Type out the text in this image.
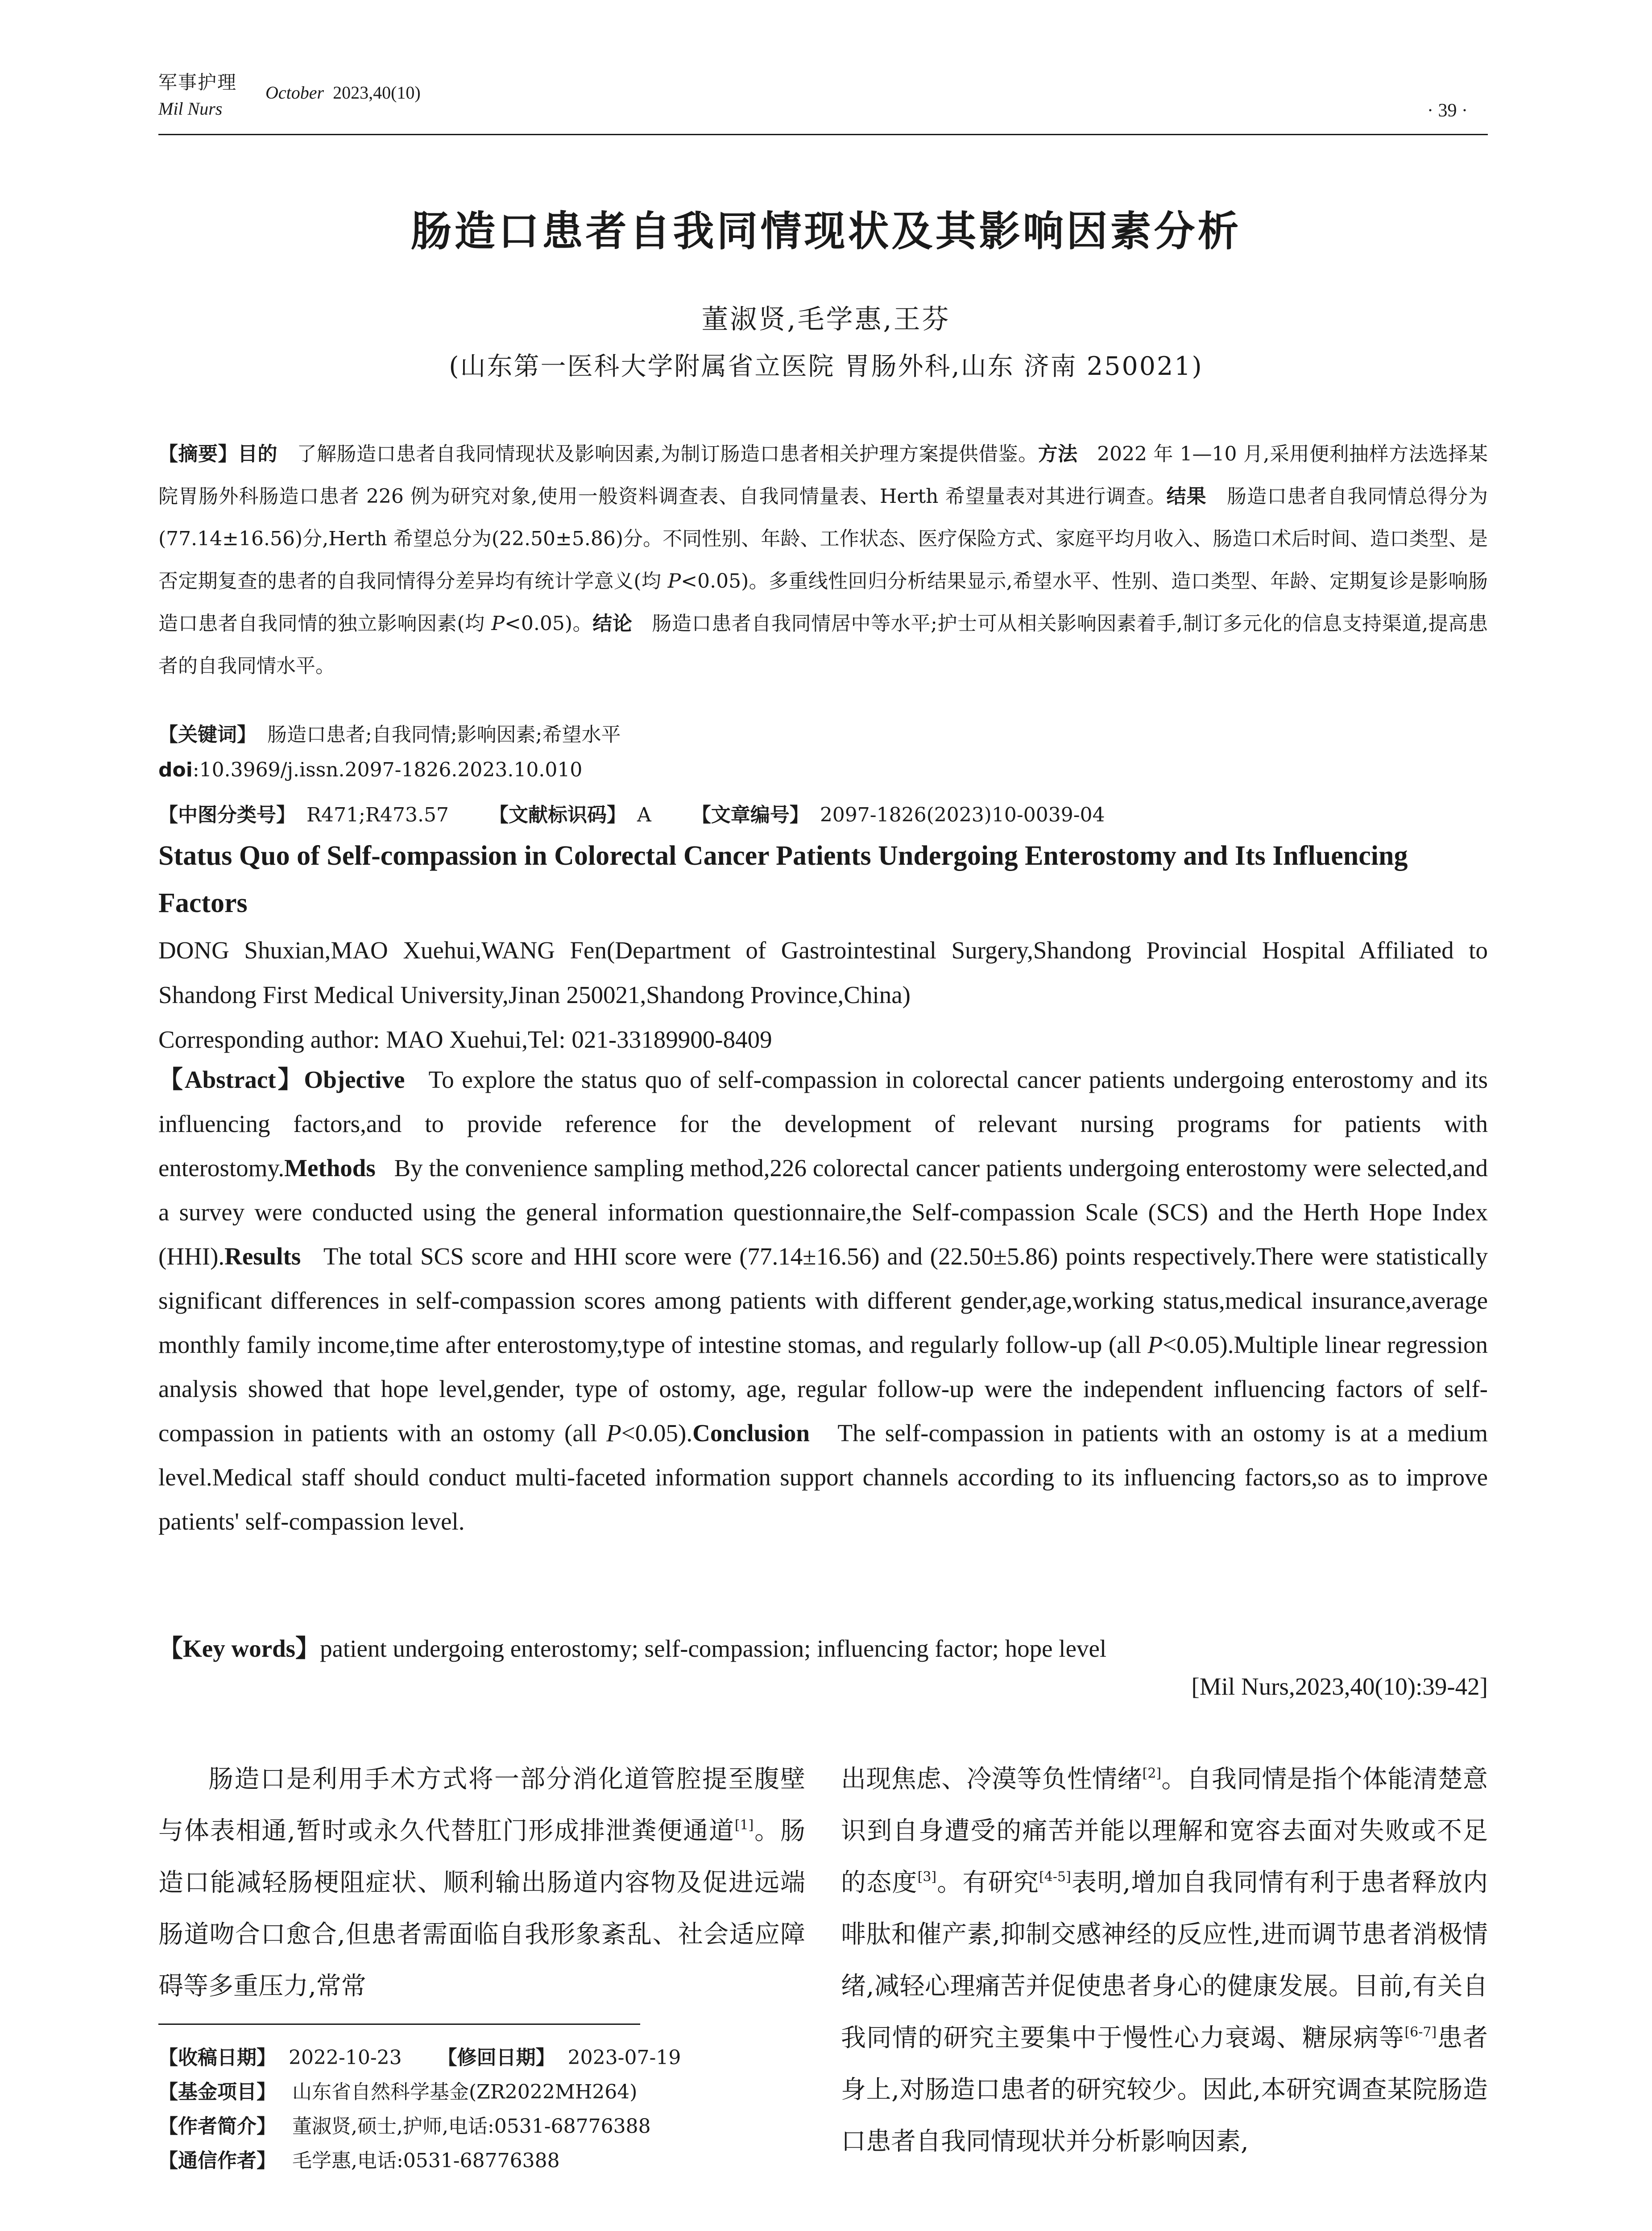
军事护理
Mil Nurs
October 2023,40(10)
· 39 ·
肠造口患者自我同情现状及其影响因素分析
董淑贤,毛学惠,王芬
(山东第一医科大学附属省立医院 胃肠外科,山东 济南 250021)
【摘要】目的 了解肠造口患者自我同情现状及影响因素,为制订肠造口患者相关护理方案提供借鉴。方法 2022 年 1—10 月,采用便利抽样方法选择某院胃肠外科肠造口患者 226 例为研究对象,使用一般资料调查表、自我同情量表、Herth 希望量表对其进行调查。结果 肠造口患者自我同情总得分为(77.14±16.56)分,Herth 希望总分为(22.50±5.86)分。不同性别、年龄、工作状态、医疗保险方式、家庭平均月收入、肠造口术后时间、造口类型、是否定期复查的患者的自我同情得分差异均有统计学意义(均 P<0.05)。多重线性回归分析结果显示,希望水平、性别、造口类型、年龄、定期复诊是影响肠造口患者自我同情的独立影响因素(均 P<0.05)。结论 肠造口患者自我同情居中等水平;护士可从相关影响因素着手,制订多元化的信息支持渠道,提高患者的自我同情水平。
【关键词】 肠造口患者;自我同情;影响因素;希望水平
doi:10.3969/j.issn.2097-1826.2023.10.010
【中图分类号】 R471;R473.57 【文献标识码】 A 【文章编号】 2097-1826(2023)10-0039-04
Status Quo of Self-compassion in Colorectal Cancer Patients Undergoing Enterostomy and Its Influencing Factors
DONG Shuxian,MAO Xuehui,WANG Fen(Department of Gastrointestinal Surgery,Shandong Provincial Hospital Affiliated to Shandong First Medical University,Jinan 250021,Shandong Province,China)
Corresponding author: MAO Xuehui,Tel: 021-33189900-8409
【Abstract】Objective To explore the status quo of self-compassion in colorectal cancer patients undergoing enterostomy and its influencing factors,and to provide reference for the development of relevant nursing programs for patients with enterostomy.Methods By the convenience sampling method,226 colorectal cancer patients undergoing enterostomy were selected,and a survey were conducted using the general information questionnaire,the Self-compassion Scale (SCS) and the Herth Hope Index (HHI).Results The total SCS score and HHI score were (77.14±16.56) and (22.50±5.86) points respectively.There were statistically significant differences in self-compassion scores among patients with different gender,age,working status,medical insurance,average monthly family income,time after enterostomy,type of intestine stomas, and regularly follow-up (all P<0.05).Multiple linear regression analysis showed that hope level,gender, type of ostomy, age, regular follow-up were the independent influencing factors of self-compassion in patients with an ostomy (all P<0.05).Conclusion The self-compassion in patients with an ostomy is at a medium level.Medical staff should conduct multi-faceted information support channels according to its influencing factors,so as to improve patients' self-compassion level.
【Key words】patient undergoing enterostomy; self-compassion; influencing factor; hope level
[Mil Nurs,2023,40(10):39-42]
肠造口是利用手术方式将一部分消化道管腔提至腹壁与体表相通,暂时或永久代替肛门形成排泄粪便通道[1]。肠造口能减轻肠梗阻症状、顺利输出肠道内容物及促进远端肠道吻合口愈合,但患者需面临自我形象紊乱、社会适应障碍等多重压力,常常
出现焦虑、冷漠等负性情绪[2]。自我同情是指个体能清楚意识到自身遭受的痛苦并能以理解和宽容去面对失败或不足的态度[3]。有研究[4-5]表明,增加自我同情有利于患者释放内啡肽和催产素,抑制交感神经的反应性,进而调节患者消极情绪,减轻心理痛苦并促使患者身心的健康发展。目前,有关自我同情的研究主要集中于慢性心力衰竭、糖尿病等[6-7]患者身上,对肠造口患者的研究较少。因此,本研究调查某院肠造口患者自我同情现状并分析影响因素,
【收稿日期】 2022-10-23 【修回日期】 2023-07-19
【基金项目】 山东省自然科学基金(ZR2022MH264)
【作者简介】 董淑贤,硕士,护师,电话:0531-68776388
【通信作者】 毛学惠,电话:0531-68776388
